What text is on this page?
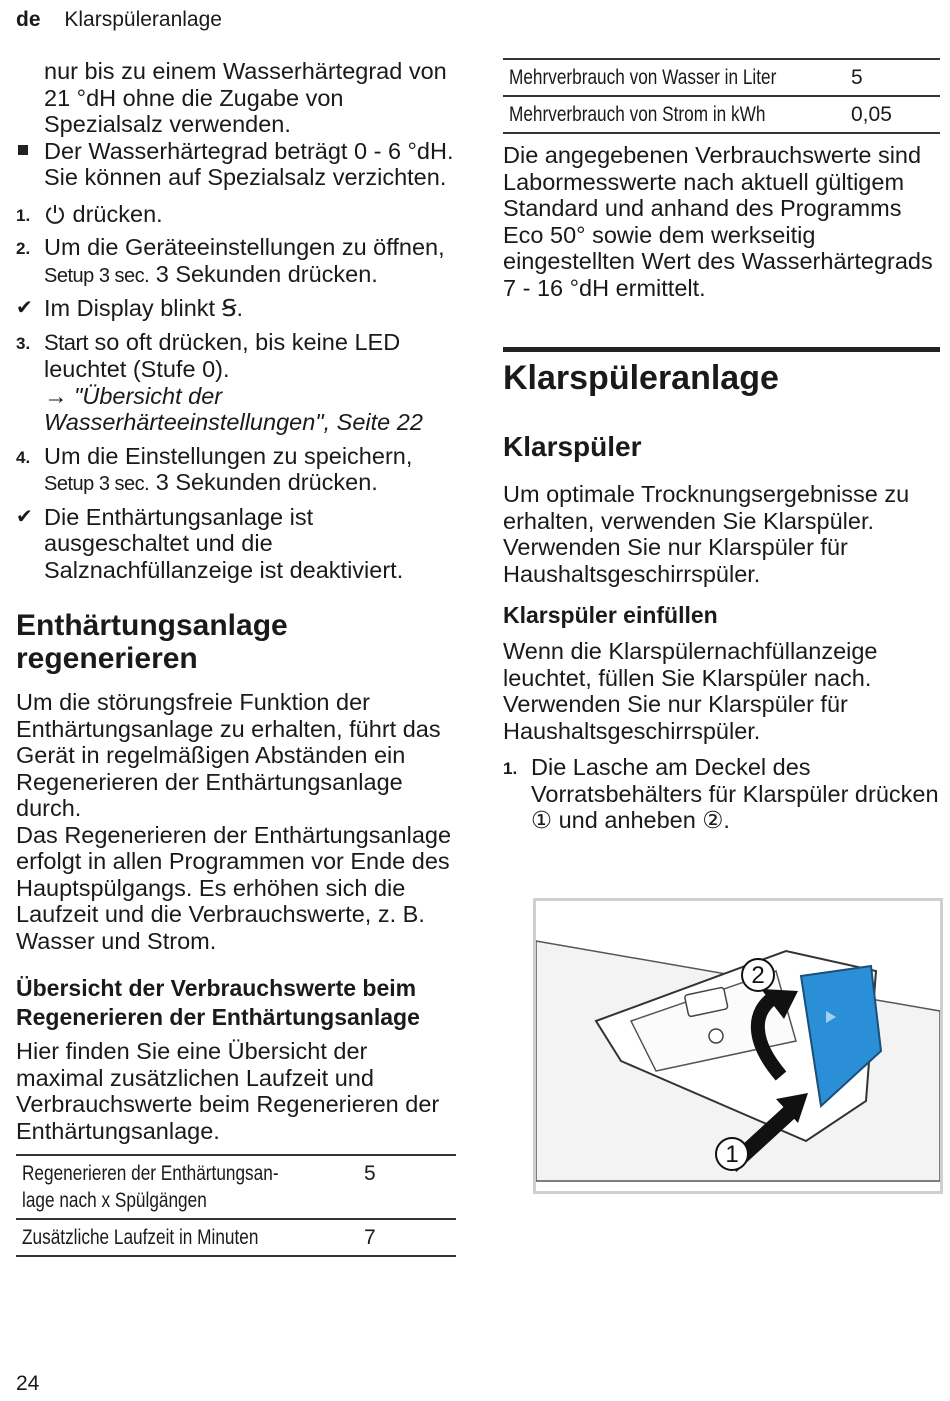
de Klarspüleranlage

nur bis zu einem Wasserhärtegrad von 21 °dH ohne die Zugabe von Spezialsalz verwenden.

Der Wasserhärtegrad beträgt 0 - 6 °dH. Sie können auf Spezialsalz verzichten.
1. drücken.
2. Um die Geräteeinstellungen zu öffnen, Setup 3 sec. 3 Sekunden drücken.
✔ Im Display blinkt Ꞩ.
3. Start so oft drücken, bis keine LED leuchtet (Stufe 0).
→ "Übersicht der Wasserhärteeinstellungen", Seite 22
4. Um die Einstellungen zu speichern, Setup 3 sec. 3 Sekunden drücken.
✔ Die Enthärtungsanlage ist ausgeschaltet und die Salznachfüllanzeige ist deaktiviert.
Enthärtungsanlage regenerieren

Um die störungsfreie Funktion der Enthärtungsanlage zu erhalten, führt das Gerät in regelmäßigen Abständen ein Regenerieren der Enthärtungsanlage durch.

Das Regenerieren der Enthärtungsanlage erfolgt in allen Programmen vor Ende des Hauptspülgangs. Es erhöhen sich die Laufzeit und die Verbrauchswerte, z. B. Wasser und Strom.

Übersicht der Verbrauchswerte beim Regenerieren der Enthärtungsanlage

Hier finden Sie eine Übersicht der maximal zusätzlichen Laufzeit und Verbrauchswerte beim Regenerieren der Enthärtungsanlage.

Regenerieren der Enthärtungsan-
lage nach x Spülgängen	5
Zusätzliche Laufzeit in Minuten	7
Mehrverbrauch von Wasser in Liter	5
Mehrverbrauch von Strom in kWh	0,05

Die angegebenen Verbrauchswerte sind Labormesswerte nach aktuell gültigem Standard und anhand des Programms Eco 50° sowie dem werkseitig eingestellten Wert des Wasserhärtegrads 7 - 16 °dH ermittelt.

Klarspüleranlage
Klarspüler

Um optimale Trocknungsergebnisse zu erhalten, verwenden Sie Klarspüler.

Verwenden Sie nur Klarspüler für Haushaltsgeschirrspüler.

Klarspüler einfüllen

Wenn die Klarspülernachfüllanzeige leuchtet, füllen Sie Klarspüler nach. Verwenden Sie nur Klarspüler für Haushaltsgeschirrspüler.

1. Die Lasche am Deckel des Vorratsbehälters für Klarspüler drücken ① und anheben ②.
2
1
24
